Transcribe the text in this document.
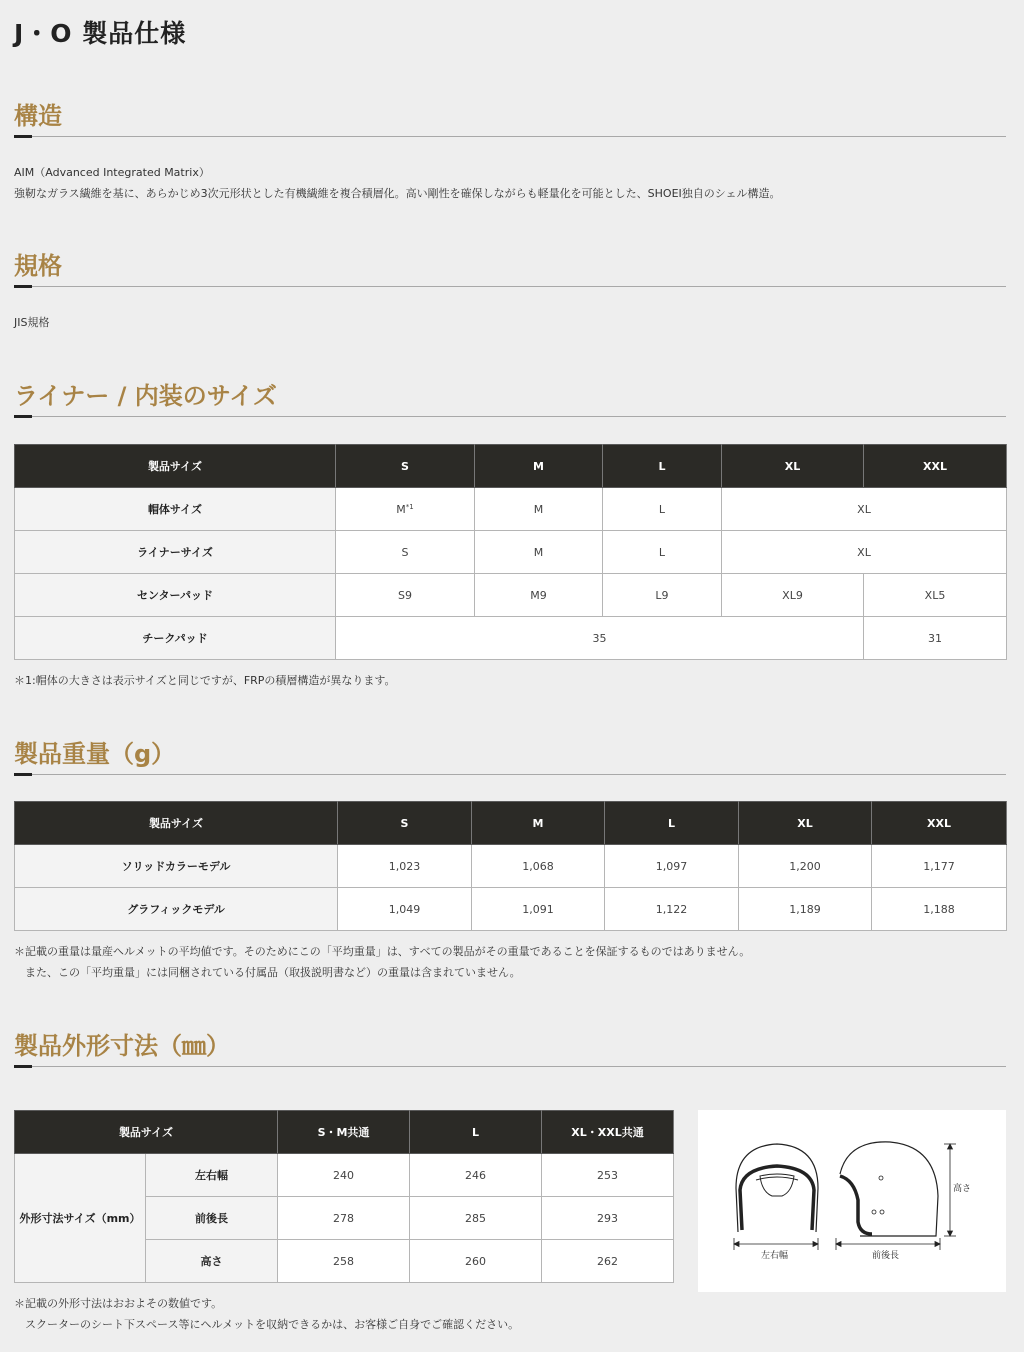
J・O 製品仕様
構造
AIM（Advanced Integrated Matrix）
強靭なガラス繊維を基に、あらかじめ3次元形状とした有機繊維を複合積層化。高い剛性を確保しながらも軽量化を可能とした、SHOEI独自のシェル構造。
規格
JIS規格
ライナー / 内装のサイズ
製品サイズ	S	M	L	XL	XXL
帽体サイズ	$M^{*1}$	M	L	XL	
ライナーサイズ	S	M	L	XL	
センターパッド	S9	M9	L9	XL9	XL5
チークパッド	35				31
＊1:帽体の大きさは表示サイズと同じですが、FRPの積層構造が異なります。
製品重量（g）
製品サイズ	S	M	L	XL	XXL
ソリッドカラーモデル	1,023	1,068	1,097	1,200	1,177
グラフィックモデル	1,049	1,091	1,122	1,189	1,188
＊記載の重量は量産ヘルメットの平均値です。そのためにこの「平均重量」は、すべての製品がその重量であることを保証するものではありません。
　また、この「平均重量」には同梱されている付属品（取扱説明書など）の重量は含まれていません。
製品外形寸法（㎜）
製品サイズ		S・M共通	L	XL・XXL共通
外形寸法サイズ（mm）	左右幅	240	246	253
	前後長	278	285	293
	高さ	258	260	262	左右幅	前後長
高さ
＊記載の外形寸法はおおよその数値です。
　スクーターのシート下スペース等にヘルメットを収納できるかは、お客様ご自身でご確認ください。
